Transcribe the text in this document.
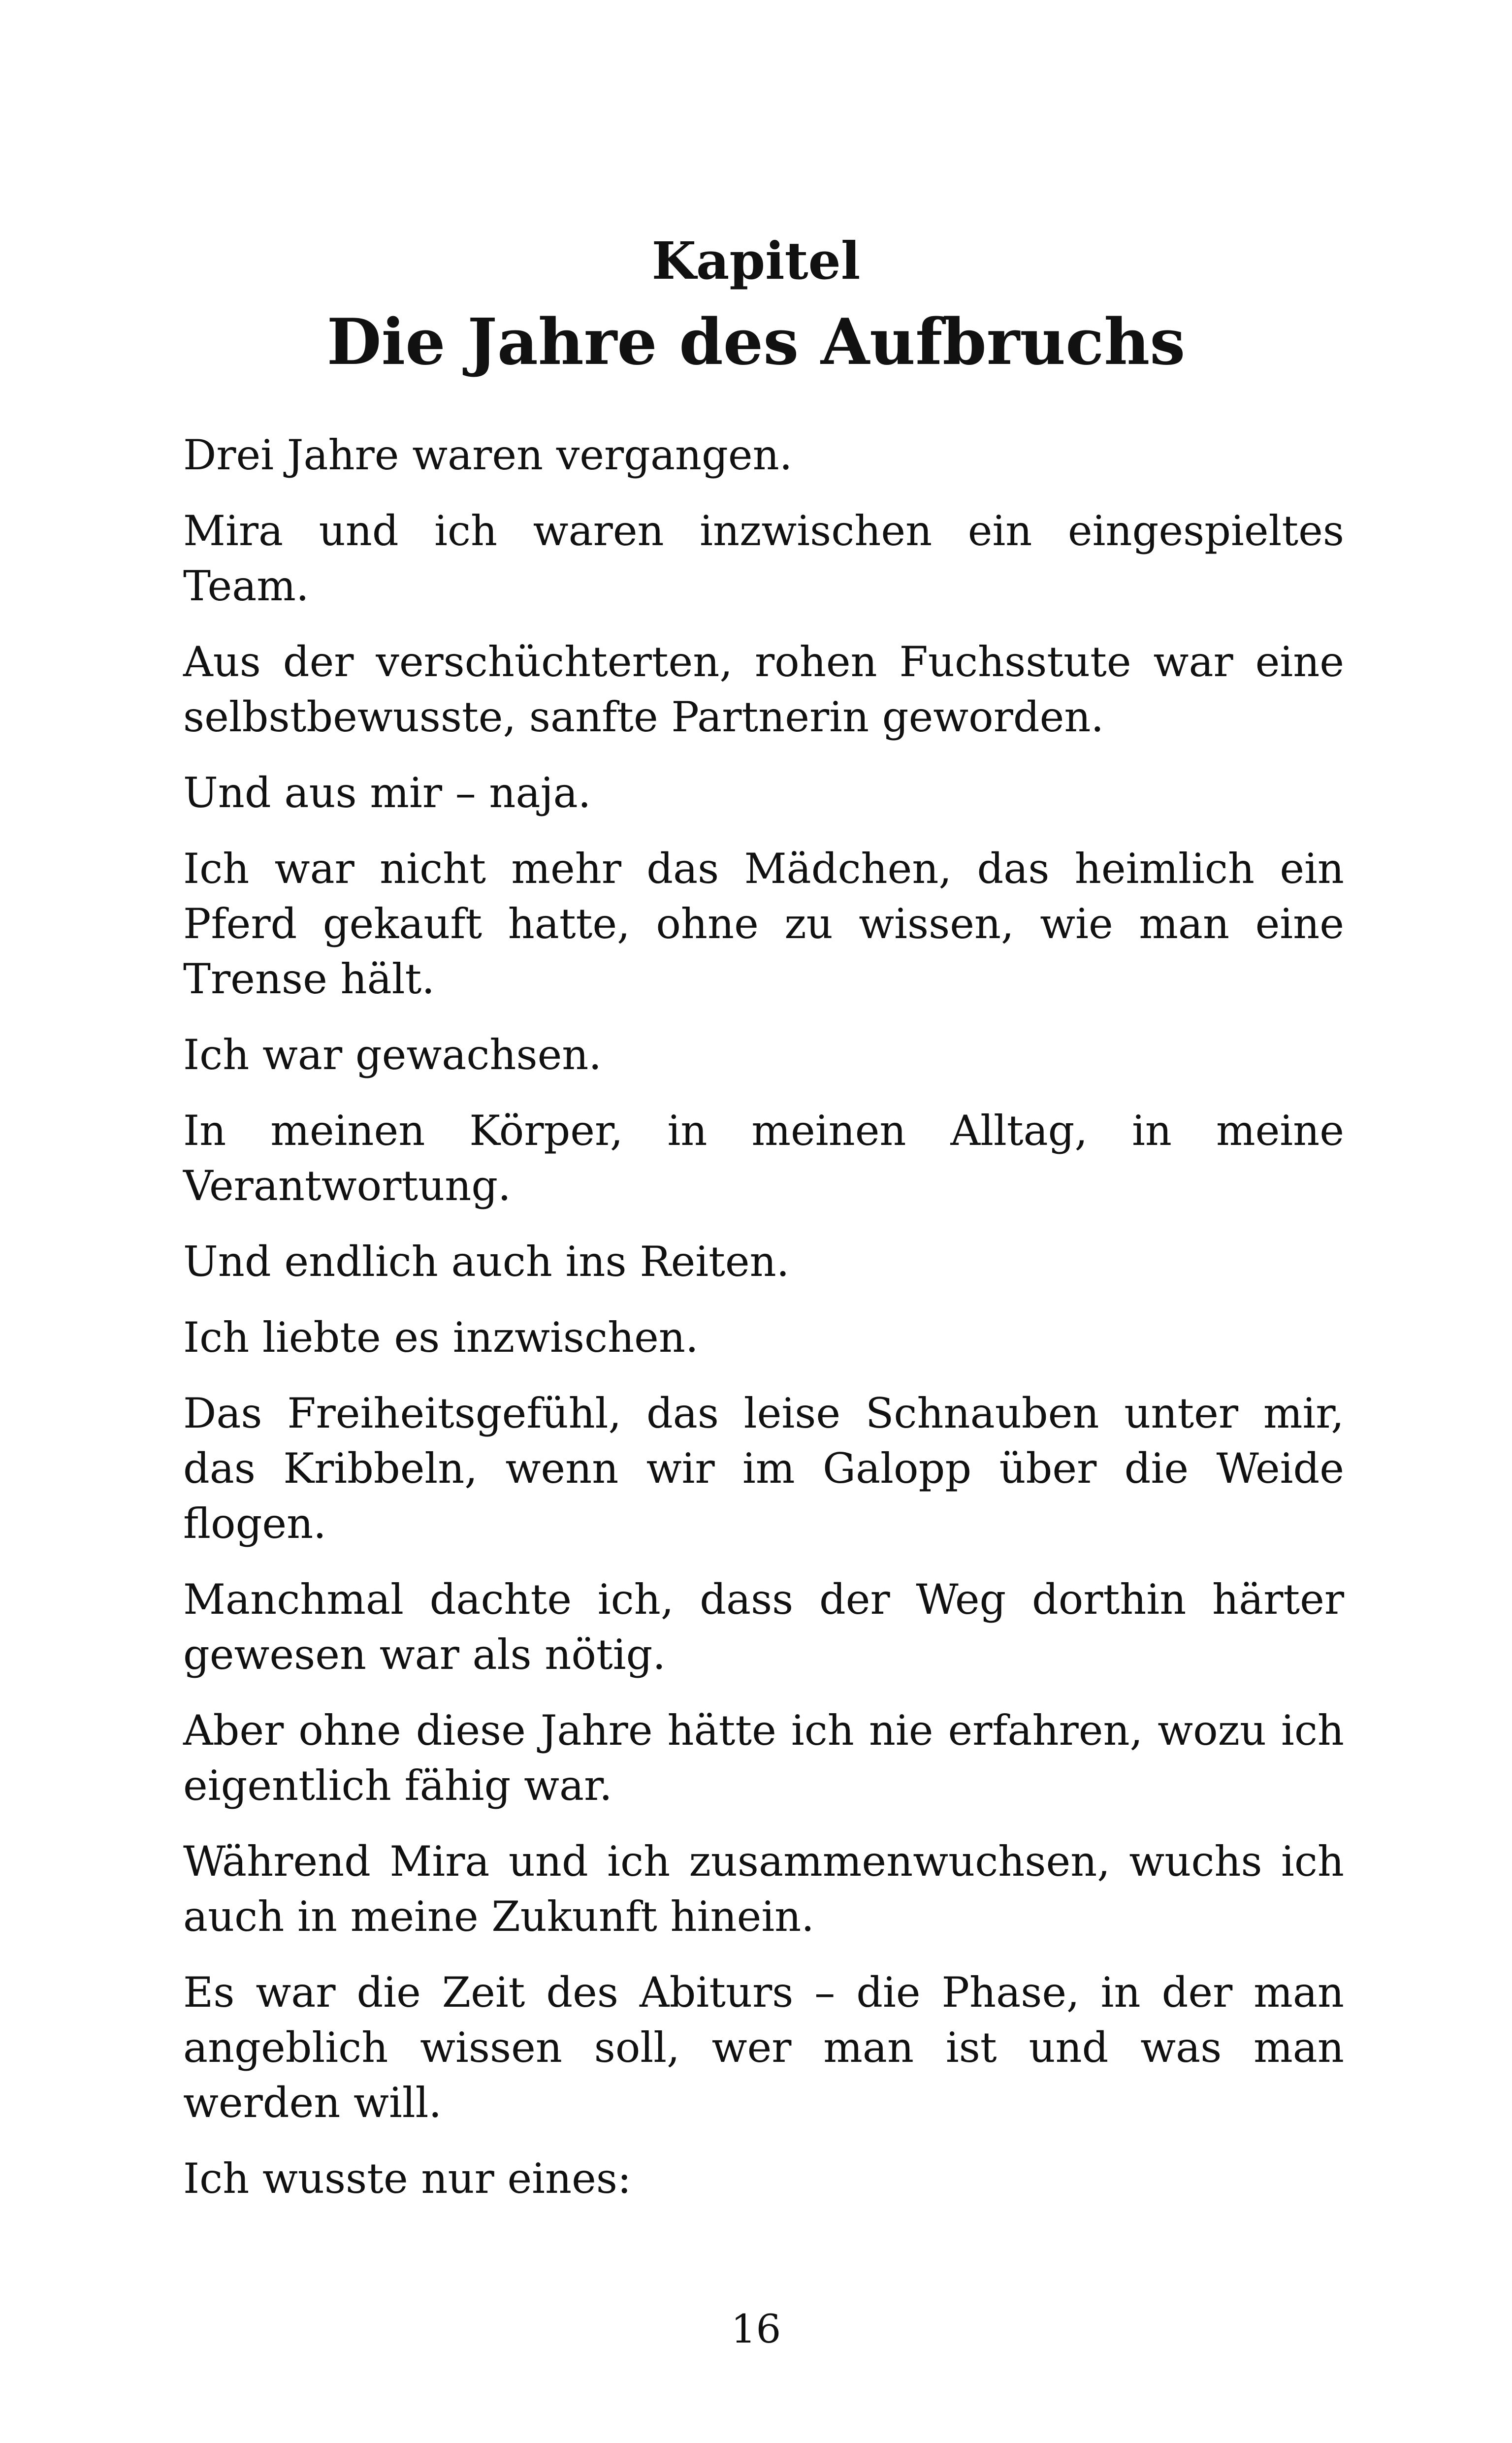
Kapitel
Die Jahre des Aufbruchs

Drei Jahre waren vergangen.

Mira und ich waren inzwischen ein eingespieltes Team.

Aus der verschüchterten, rohen Fuchsstute war eine selbstbewusste, sanfte Partnerin geworden.

Und aus mir – naja.

Ich war nicht mehr das Mädchen, das heimlich ein Pferd gekauft hatte, ohne zu wissen, wie man eine Trense hält.

Ich war gewachsen.

In meinen Körper, in meinen Alltag, in meine Verantwortung.

Und endlich auch ins Reiten.

Ich liebte es inzwischen.

Das Freiheitsgefühl, das leise Schnauben unter mir, das Kribbeln, wenn wir im Galopp über die Weide flogen.

Manchmal dachte ich, dass der Weg dorthin härter gewesen war als nötig.

Aber ohne diese Jahre hätte ich nie erfahren, wozu ich eigentlich fähig war.

Während Mira und ich zusammenwuchsen, wuchs ich auch in meine Zukunft hinein.

Es war die Zeit des Abiturs – die Phase, in der man angeblich wissen soll, wer man ist und was man werden will.

Ich wusste nur eines:

16
